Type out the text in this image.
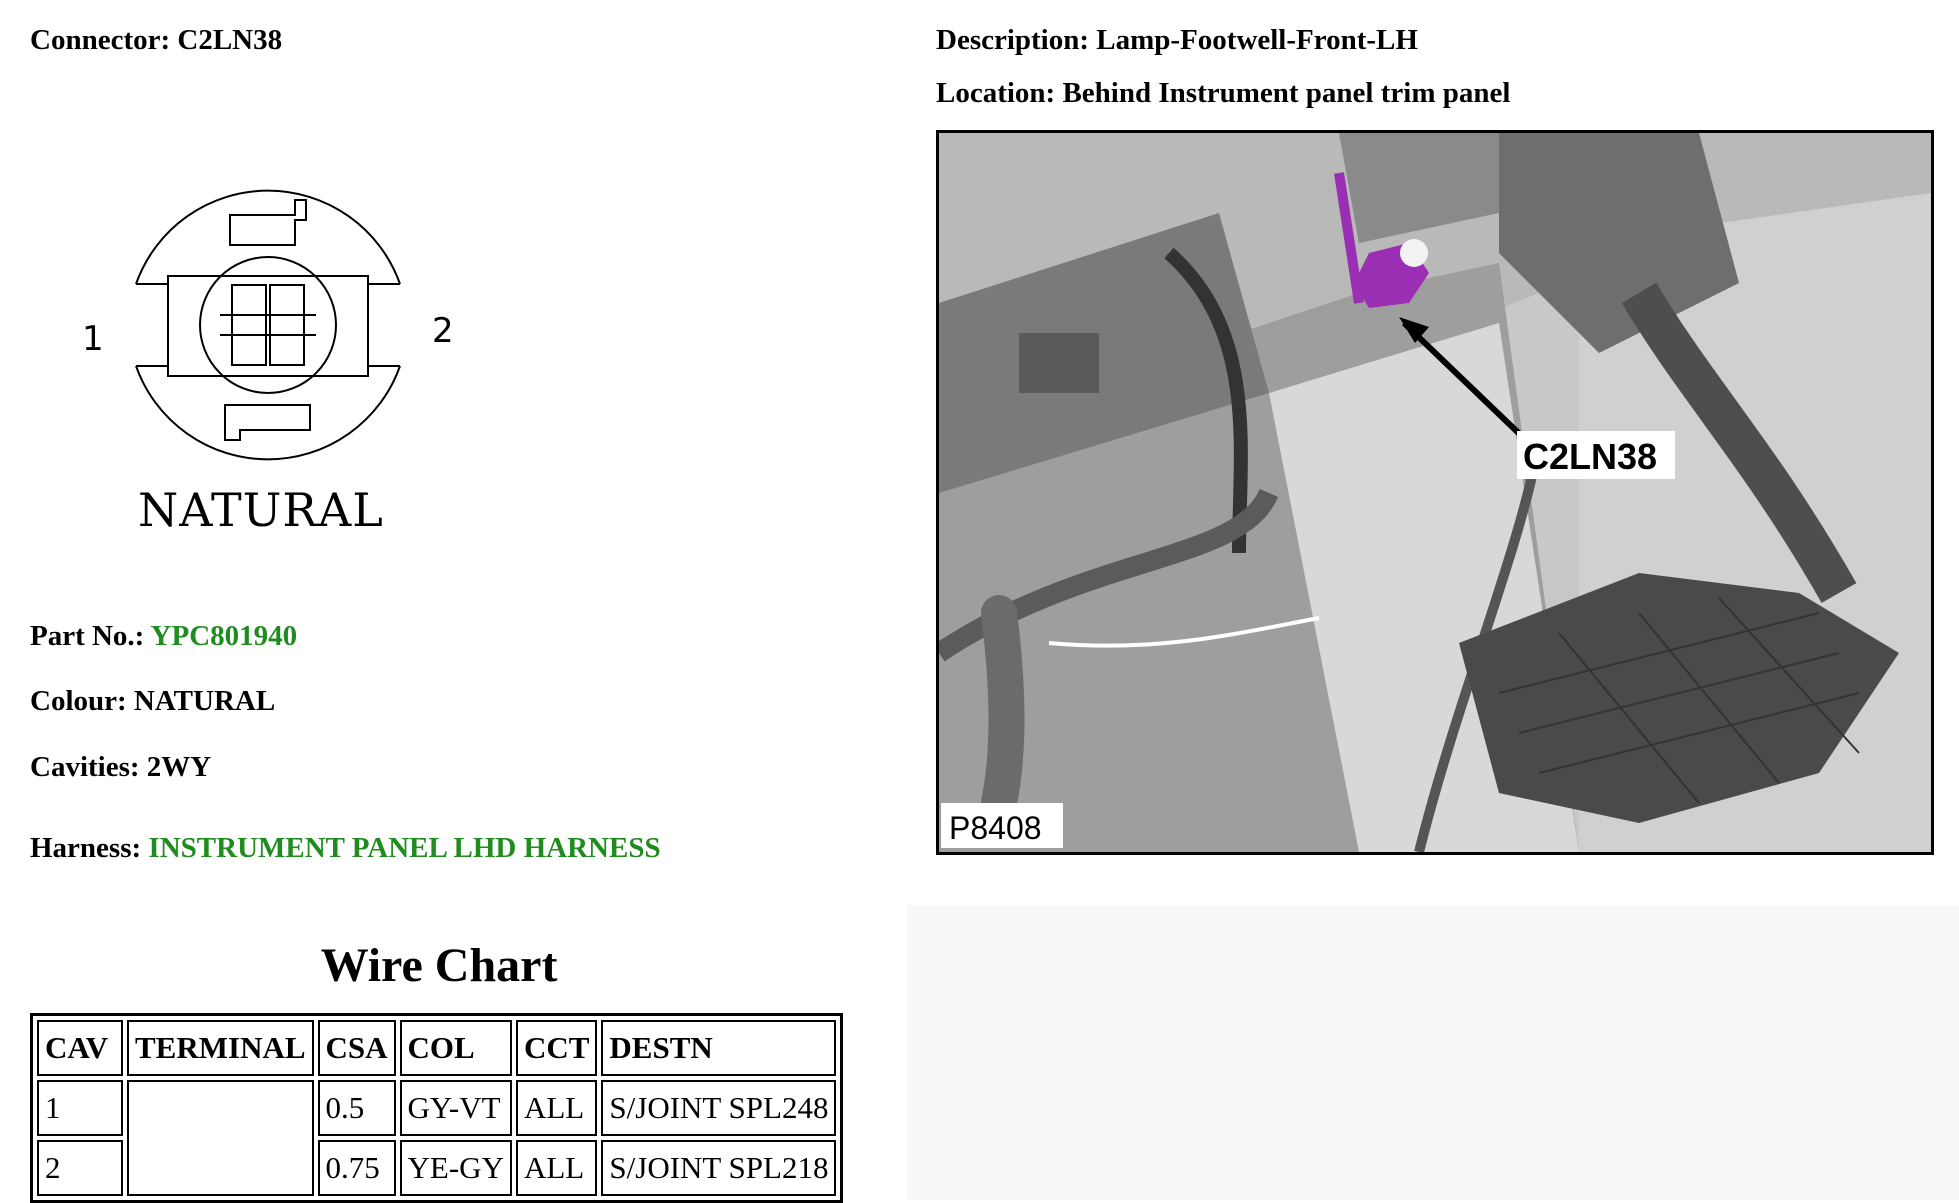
Connector: C2LN38	Description: Lamp-Footwell-Front-LH
Location: Behind Instrument panel trim panel
1	2
NATURAL
Part No.: YPC801940
Colour: NATURAL
Cavities: 2WY
Harness: INSTRUMENT PANEL LHD HARNESS
C2LN38
P8408
Wire Chart
CAV	TERMINAL	CSA	COL	CCT	DESTN
1		0.5	GY-VT	ALL	S/JOINT SPL248
2		0.75	YE-GY	ALL	S/JOINT SPL218
